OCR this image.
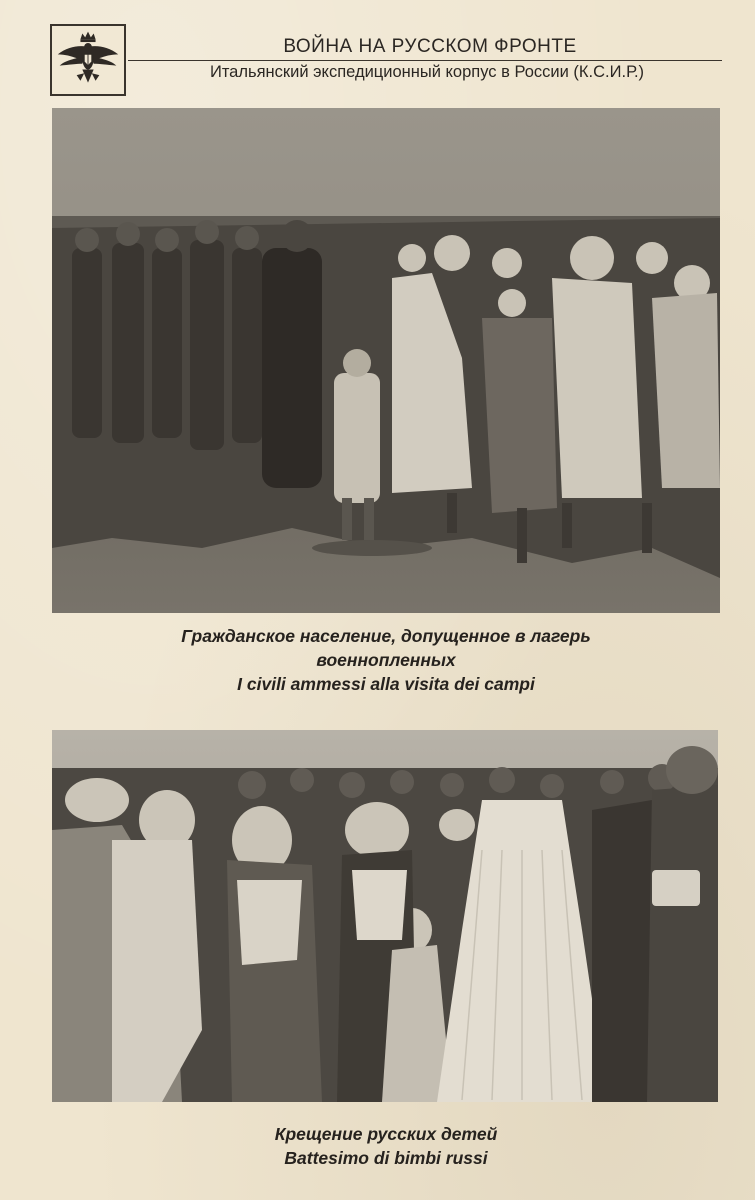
ВОЙНА НА РУССКОМ ФРОНТЕ
Итальянский экспедиционный корпус в России (К.С.И.Р.)
Гражданское население, допущенное в лагерь
военнопленных
I civili ammessi alla visita dei campi
Крещение русских детей
Battesimo di bimbi russi
